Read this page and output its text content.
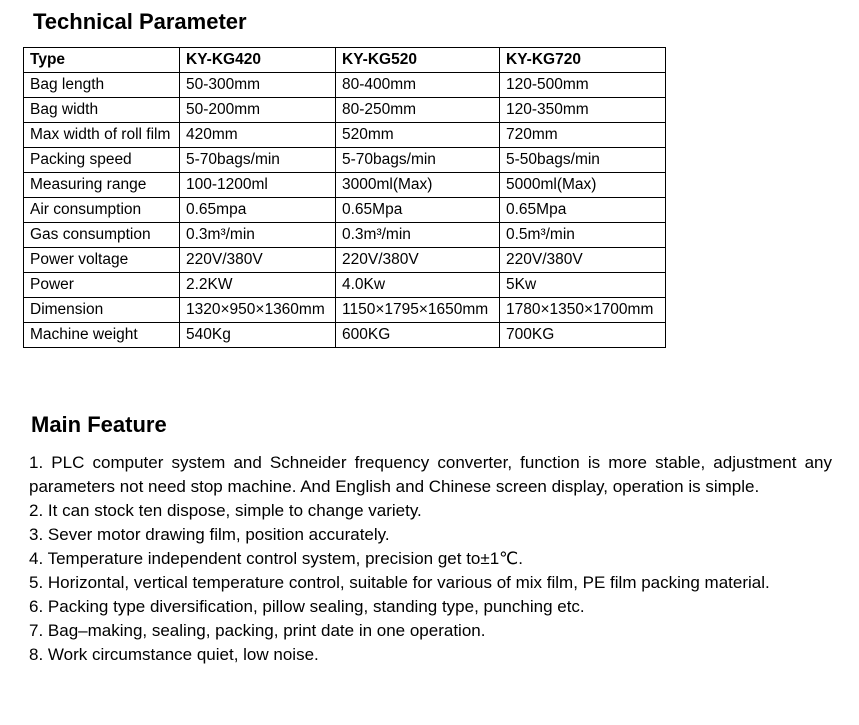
Technical Parameter
Type	KY-KG420	KY-KG520	KY-KG720
Bag length	50-300mm	80-400mm	120-500mm
Bag width	50-200mm	80-250mm	120-350mm
Max width of roll film	420mm	520mm	720mm
Packing speed	5-70bags/min	5-70bags/min	5-50bags/min
Measuring range	100-1200ml	3000ml(Max)	5000ml(Max)
Air consumption	0.65mpa	0.65Mpa	0.65Mpa
Gas consumption	0.3m³/min	0.3m³/min	0.5m³/min
Power voltage	220V/380V	220V/380V	220V/380V
Power	2.2KW	4.0Kw	5Kw
Dimension	1320×950×1360mm	1150×1795×1650mm	1780×1350×1700mm
Machine weight	540Kg	600KG	700KG
Main Feature
1. PLC computer system and Schneider frequency converter, function is more stable, adjustment any parameters not need stop machine. And English and Chinese screen display, operation is simple.
2. It can stock ten dispose, simple to change variety.
3. Sever motor drawing film, position accurately.
4. Temperature independent control system, precision get to±1℃.
5. Horizontal, vertical temperature control, suitable for various of mix film, PE film packing material.
6. Packing type diversification, pillow sealing, standing type, punching etc.
7. Bag–making, sealing, packing, print date in one operation.
8. Work circumstance quiet, low noise.
